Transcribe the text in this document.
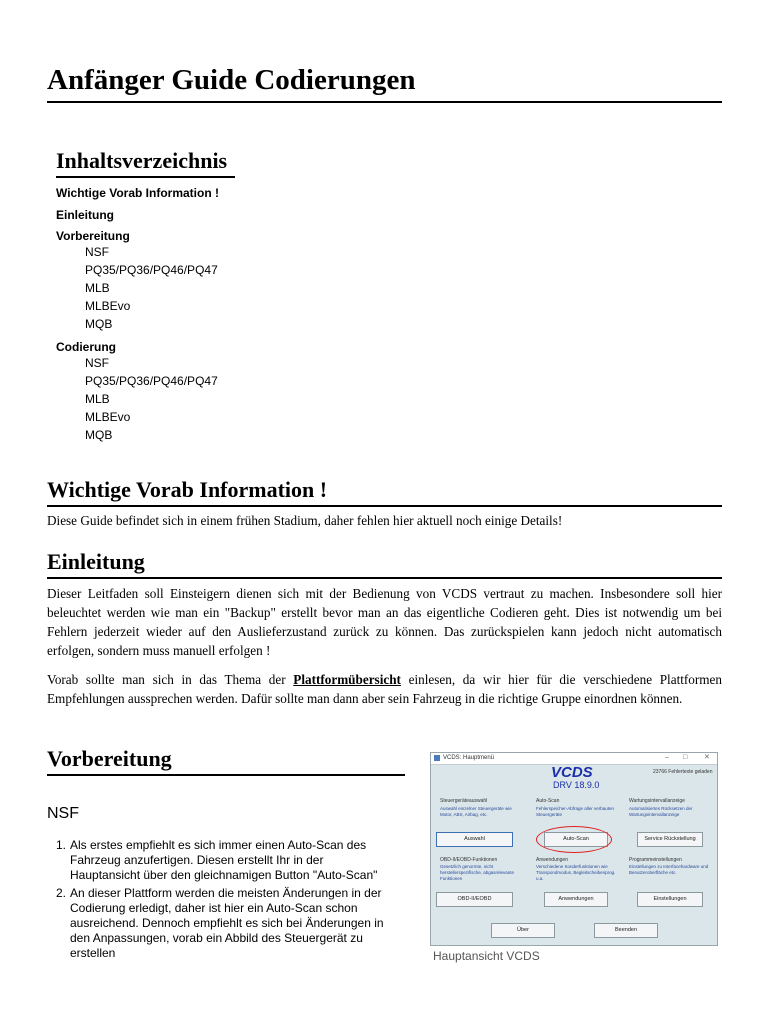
Anfänger Guide Codierungen
Inhaltsverzeichnis
Wichtige Vorab Information !
Einleitung
Vorbereitung
NSF
PQ35/PQ36/PQ46/PQ47
MLB
MLBEvo
MQB
Codierung
NSF
PQ35/PQ36/PQ46/PQ47
MLB
MLBEvo
MQB
Wichtige Vorab Information !

Diese Guide befindet sich in einem frühen Stadium, daher fehlen hier aktuell noch einige Details!

Einleitung

Dieser Leitfaden soll Einsteigern dienen sich mit der Bedienung von VCDS vertraut zu machen. Insbesondere soll hier beleuchtet werden wie man ein "Backup" erstellt bevor man an das eigentliche Codieren geht. Dies ist notwendig um bei Fehlern jederzeit wieder auf den Auslieferzustand zurück zu können. Das zurückspielen kann jedoch nicht automatisch erfolgen, sondern muss manuell erfolgen !

Vorab sollte man sich in das Thema der Plattformübersicht einlesen, da wir hier für die verschiedene Plattformen Empfehlungen aussprechen werden. Dafür sollte man dann aber sein Fahrzeug in die richtige Gruppe einordnen können.

Vorbereitung
NSF
1. Als erstes empfiehlt es sich immer einen Auto-Scan des Fahrzeug anzufertigen. Diesen erstellt Ihr in der Hauptansicht über den gleichnamigen Button "Auto-Scan"
2. An dieser Plattform werden die meisten Änderungen in der Codierung erledigt, daher ist hier ein Auto-Scan schon ausreichend. Dennoch empfiehlt es sich bei Änderungen in den Anpassungen, vorab ein Abbild des Steuergerät zu erstellen
VCDS: Hauptmenü	– □ ✕
VCDS
DRV 18.9.0
23766 Fehlertexte geladen
Steuergeräteauswahl
Auswahl einzelner Steuergeräte wie Motor, ABS, Airbag, etc.
Auto-Scan
Fehlerspeicher-Abfrage aller verbauten Steuergeräte
Wartungsintervallanzeige
Automatisiertes Rücksetzen der Wartungsintervallanzeige
Auswahl	Auto-Scan	Service Rückstellung
OBD-II/EOBD-Funktionen
Gesetzlich genormte, nicht herstellerspezifische, abgasrelevante Funktionen
Anwendungen
Verschiedene Sonderfunktionen wie Transpondmodus, Begleitscheibenprog. u.a.
Programmeinstellungen
Einstellungen zu Interfacehardware und Benutzeroberfläche etc.
OBD-II/EOBD	Anwendungen	Einstellungen
Über	Beenden
Hauptansicht VCDS
